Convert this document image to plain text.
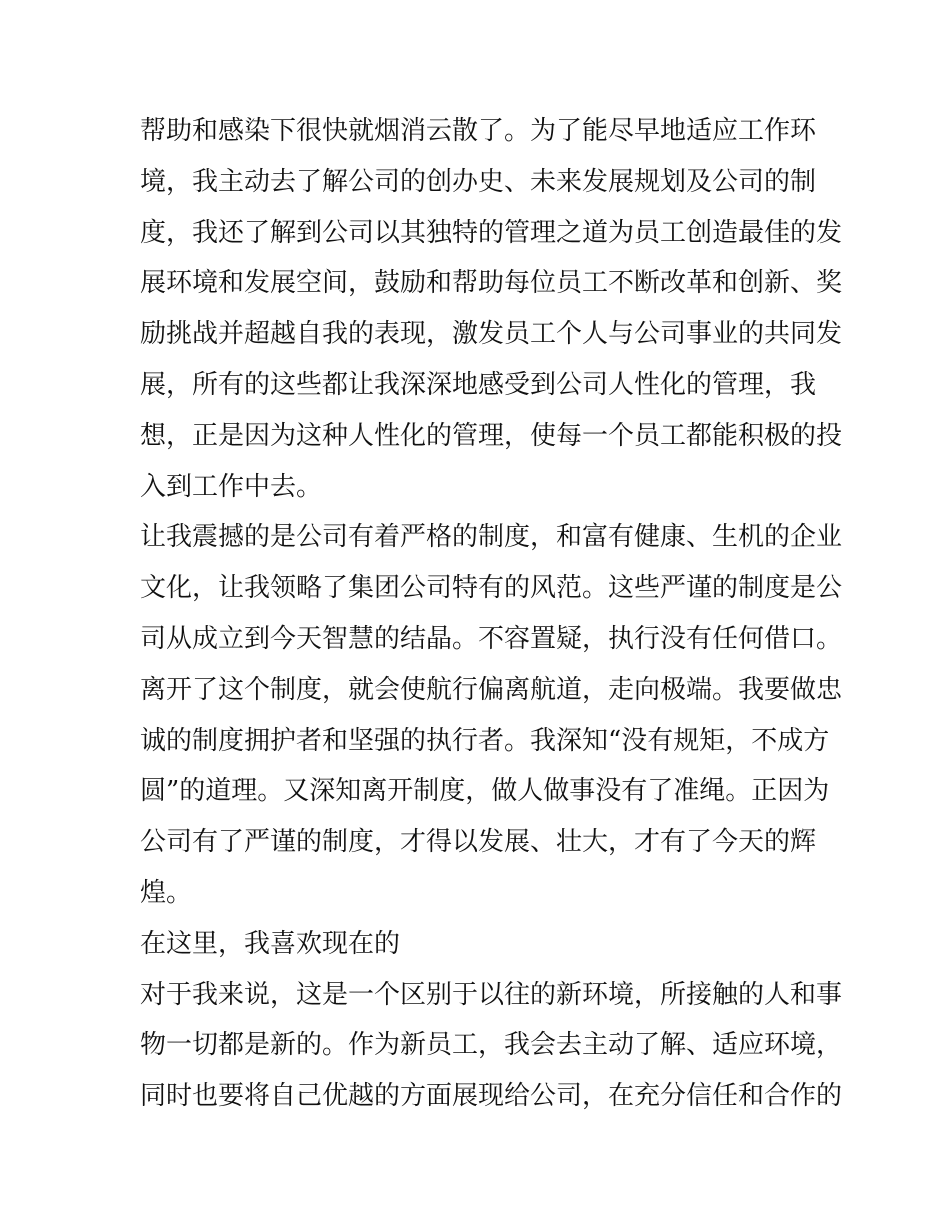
帮助和感染下很快就烟消云散了。为了能尽早地适应工作环
境，我主动去了解公司的创办史、未来发展规划及公司的制
度，我还了解到公司以其独特的管理之道为员工创造最佳的发
展环境和发展空间，鼓励和帮助每位员工不断改革和创新、奖
励挑战并超越自我的表现，激发员工个人与公司事业的共同发
展，所有的这些都让我深深地感受到公司人性化的管理，我
想，正是因为这种人性化的管理，使每一个员工都能积极的投
入到工作中去。
让我震撼的是公司有着严格的制度，和富有健康、生机的企业
文化，让我领略了集团公司特有的风范。这些严谨的制度是公
司从成立到今天智慧的结晶。不容置疑，执行没有任何借口。
离开了这个制度，就会使航行偏离航道，走向极端。我要做忠
诚的制度拥护者和坚强的执行者。我深知“没有规矩，不成方
圆”的道理。又深知离开制度，做人做事没有了准绳。正因为
公司有了严谨的制度，才得以发展、壮大，才有了今天的辉
煌。
在这里，我喜欢现在的
对于我来说，这是一个区别于以往的新环境，所接触的人和事
物一切都是新的。作为新员工，我会去主动了解、适应环境，
同时也要将自己优越的方面展现给公司，在充分信任和合作的
